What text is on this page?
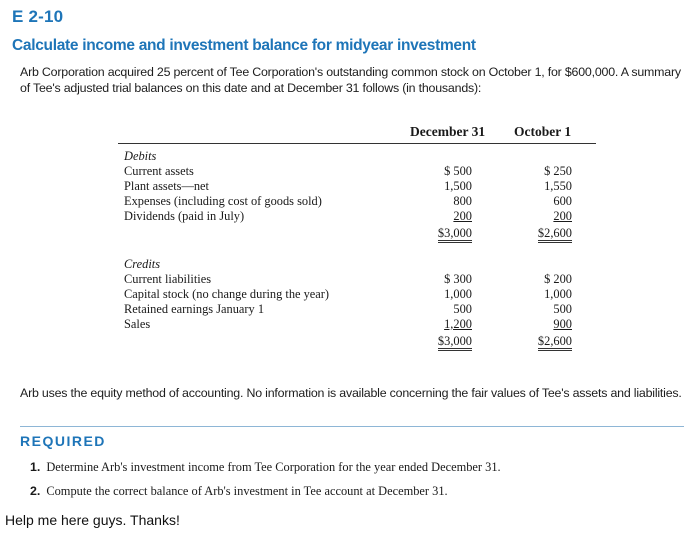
E 2-10
Calculate income and investment balance for midyear investment
Arb Corporation acquired 25 percent of Tee Corporation's outstanding common stock on October 1, for $600,000. A summary of Tee's adjusted trial balances on this date and at December 31 follows (in thousands):
December 31 October 1
Debits
Current assets	$ 500	$ 250
Plant assets—net	1,500	1,550
Expenses (including cost of goods sold)	800	600
Dividends (paid in July)	200	200
$3,000	$2,600
Credits
Current liabilities	$ 300	$ 200
Capital stock (no change during the year)	1,000	1,000
Retained earnings January 1	500	500
Sales	1,200	900
$3,000	$2,600
Arb uses the equity method of accounting. No information is available concerning the fair values of Tee's assets and liabilities.
REQUIRED
1. Determine Arb's investment income from Tee Corporation for the year ended December 31.
2. Compute the correct balance of Arb's investment in Tee account at December 31.
Help me here guys. Thanks!
